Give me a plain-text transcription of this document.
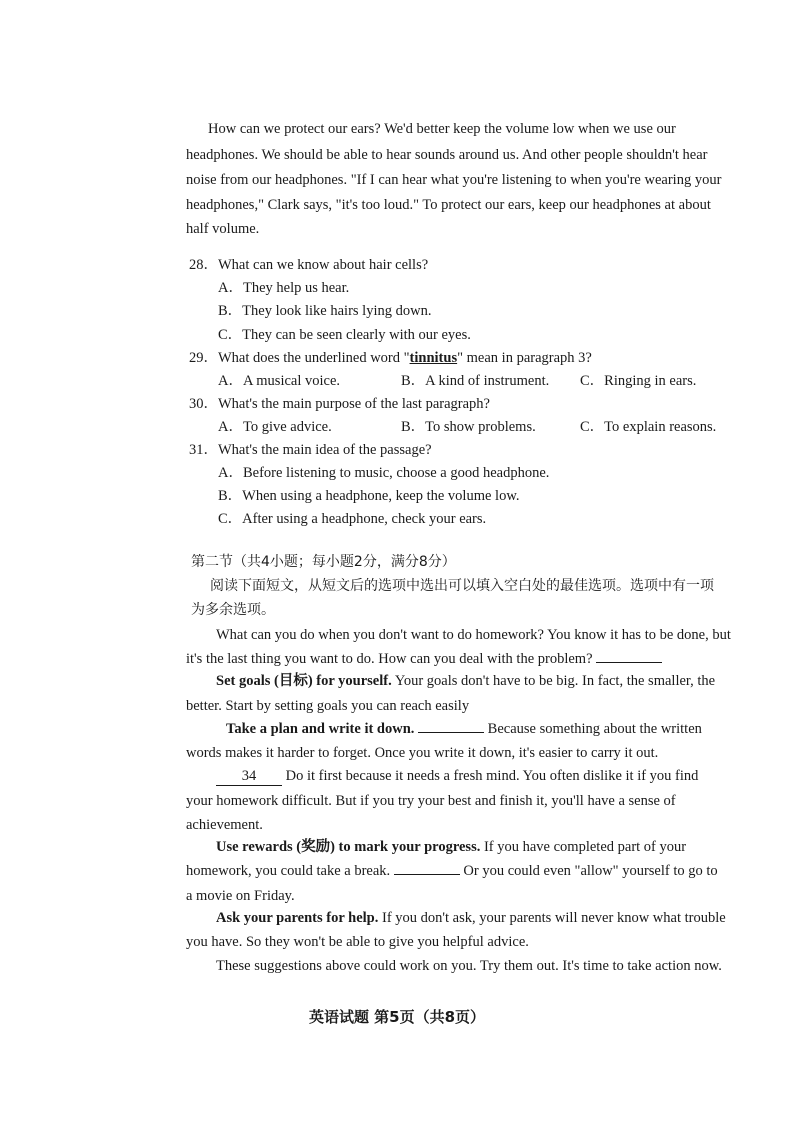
How can we protect our ears? We'd better keep the volume low when we use our
headphones. We should be able to hear sounds around us. And other people shouldn't hear
noise from our headphones. "If I can hear what you're listening to when you're wearing your
headphones," Clark says, "it's too loud." To protect our ears, keep our headphones at about
half volume.
28．What can we know about hair cells?
A．They help us hear.
B．They look like hairs lying down.
C．They can be seen clearly with our eyes.
29．What does the underlined word "tinnitus" mean in paragraph 3?
A．A musical voice.	B．A kind of instrument. C．Ringing in ears.
30．What's the main purpose of the last paragraph?
A．To give advice.	B．To show problems.	C．To explain reasons.
31．What's the main idea of the passage?
A．Before listening to music, choose a good headphone.
B．When using a headphone, keep the volume low.
C．After using a headphone, check your ears.
第二节（共4小题；每小题2分，满分8分）
阅读下面短文，从短文后的选项中选出可以填入空白处的最佳选项。选项中有一项
为多余选项。
What can you do when you don't want to do homework? You know it has to be done, but
it's the last thing you want to do. How can you deal with the problem?
Set goals (目标) for yourself. Your goals don't have to be big. In fact, the smaller, the
better. Start by setting goals you can reach easily
Take a plan and write it down.	Because something about the written
words makes it harder to forget. Once you write it down, it's easier to carry it out.
34 Do it first because it needs a fresh mind. You often dislike it if you find
your homework difficult. But if you try your best and finish it, you'll have a sense of
achievement.
Use rewards (奖励) to mark your progress. If you have completed part of your
homework, you could take a break.	Or you could even "allow" yourself to go to
a movie on Friday.
Ask your parents for help. If you don't ask, your parents will never know what trouble
you have. So they won't be able to give you helpful advice.
These suggestions above could work on you. Try them out. It's time to take action now.
英语试题 第5页（共8页）
